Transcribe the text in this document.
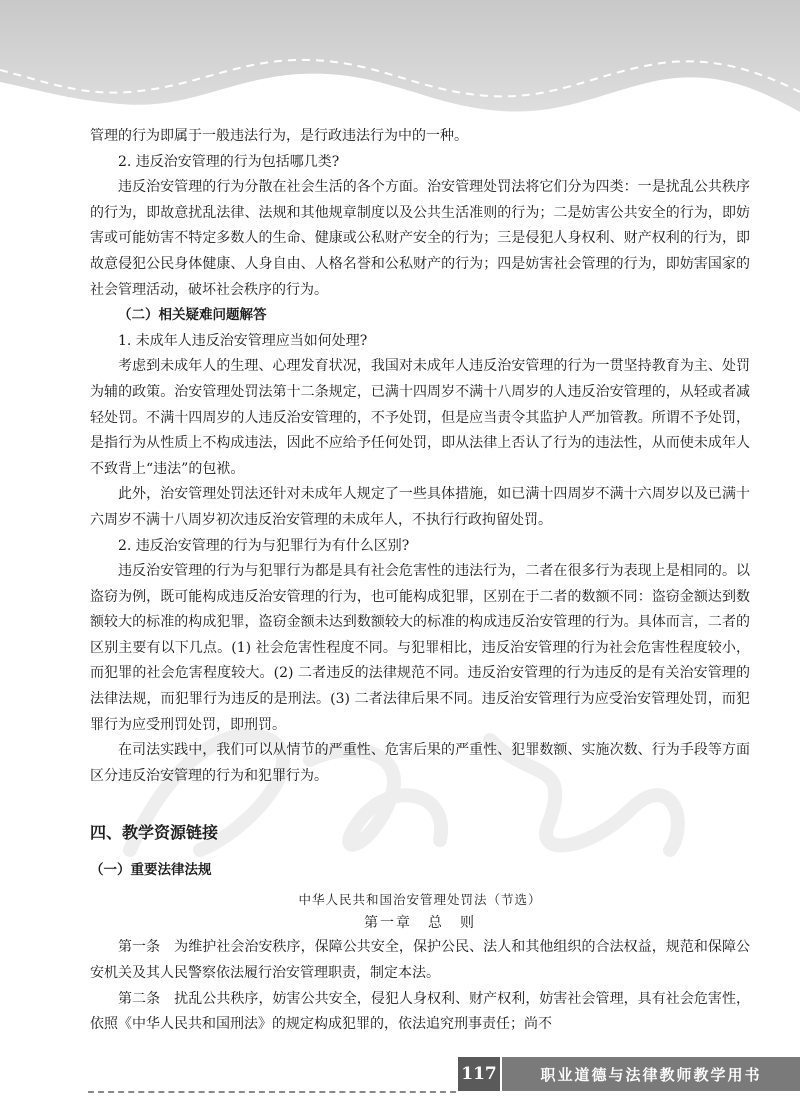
管理的行为即属于一般违法行为，是行政违法行为中的一种。

2. 违反治安管理的行为包括哪几类?

违反治安管理的行为分散在社会生活的各个方面。治安管理处罚法将它们分为四类：一是扰乱公共秩序的行为，即故意扰乱法律、法规和其他规章制度以及公共生活准则的行为；二是妨害公共安全的行为，即妨害或可能妨害不特定多数人的生命、健康或公私财产安全的行为；三是侵犯人身权利、财产权利的行为，即故意侵犯公民身体健康、人身自由、人格名誉和公私财产的行为；四是妨害社会管理的行为，即妨害国家的社会管理活动，破坏社会秩序的行为。

（二）相关疑难问题解答

1. 未成年人违反治安管理应当如何处理?

考虑到未成年人的生理、心理发育状况，我国对未成年人违反治安管理的行为一贯坚持教育为主、处罚为辅的政策。治安管理处罚法第十二条规定，已满十四周岁不满十八周岁的人违反治安管理的，从轻或者减轻处罚。不满十四周岁的人违反治安管理的，不予处罚，但是应当责令其监护人严加管教。所谓不予处罚，是指行为从性质上不构成违法，因此不应给予任何处罚，即从法律上否认了行为的违法性，从而使未成年人不致背上“违法”的包袱。

此外，治安管理处罚法还针对未成年人规定了一些具体措施，如已满十四周岁不满十六周岁以及已满十六周岁不满十八周岁初次违反治安管理的未成年人，不执行行政拘留处罚。

2. 违反治安管理的行为与犯罪行为有什么区别?

违反治安管理的行为与犯罪行为都是具有社会危害性的违法行为，二者在很多行为表现上是相同的。以盗窃为例，既可能构成违反治安管理的行为，也可能构成犯罪，区别在于二者的数额不同：盗窃金额达到数额较大的标准的构成犯罪，盗窃金额未达到数额较大的标准的构成违反治安管理的行为。具体而言，二者的区别主要有以下几点。(1) 社会危害性程度不同。与犯罪相比，违反治安管理的行为社会危害性程度较小，而犯罪的社会危害程度较大。(2) 二者违反的法律规范不同。违反治安管理的行为违反的是有关治安管理的法律法规，而犯罪行为违反的是刑法。(3) 二者法律后果不同。违反治安管理行为应受治安管理处罚，而犯罪行为应受刑罚处罚，即刑罚。

在司法实践中，我们可以从情节的严重性、危害后果的严重性、犯罪数额、实施次数、行为手段等方面区分违反治安管理的行为和犯罪行为。

四、教学资源链接

（一）重要法律法规

中华人民共和国治安管理处罚法（节选）

第一章　总　则

第一条　为维护社会治安秩序，保障公共安全，保护公民、法人和其他组织的合法权益，规范和保障公安机关及其人民警察依法履行治安管理职责，制定本法。

第二条　扰乱公共秩序，妨害公共安全，侵犯人身权利、财产权利，妨害社会管理，具有社会危害性，依照《中华人民共和国刑法》的规定构成犯罪的，依法追究刑事责任；尚不

117	职业道德与法律教师教学用书
